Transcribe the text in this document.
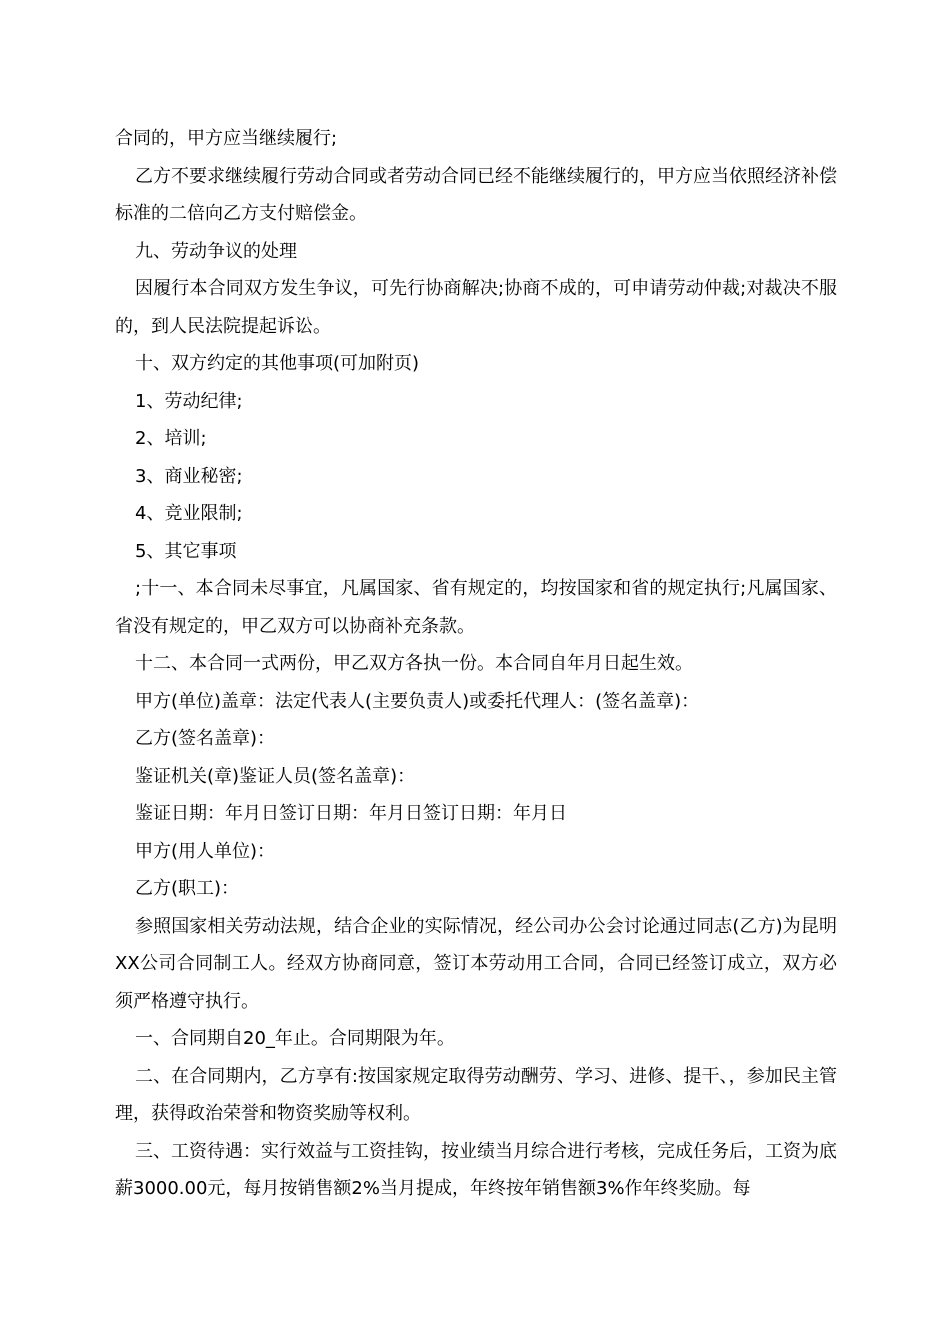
合同的，甲方应当继续履行;

乙方不要求继续履行劳动合同或者劳动合同已经不能继续履行的，甲方应当依照经济补偿标准的二倍向乙方支付赔偿金。

九、劳动争议的处理

因履行本合同双方发生争议，可先行协商解决;协商不成的，可申请劳动仲裁;对裁决不服的，到人民法院提起诉讼。

十、双方约定的其他事项(可加附页)

1、劳动纪律;

2、培训;

3、商业秘密;

4、竞业限制;

5、其它事项

;十一、本合同未尽事宜，凡属国家、省有规定的，均按国家和省的规定执行;凡属国家、省没有规定的，甲乙双方可以协商补充条款。

十二、本合同一式两份，甲乙双方各执一份。本合同自年月日起生效。

甲方(单位)盖章：法定代表人(主要负责人)或委托代理人：(签名盖章)：

乙方(签名盖章)：

鉴证机关(章)鉴证人员(签名盖章)：

鉴证日期：年月日签订日期：年月日签订日期：年月日

甲方(用人单位)：

乙方(职工)：

参照国家相关劳动法规，结合企业的实际情况，经公司办公会讨论通过同志(乙方)为昆明XX公司合同制工人。经双方协商同意，签订本劳动用工合同，合同已经签订成立，双方必须严格遵守执行。

一、合同期自20_年止。合同期限为年。

二、在合同期内，乙方享有:按国家规定取得劳动酬劳、学习、进修、提干、，参加民主管理，获得政治荣誉和物资奖励等权利。

三、工资待遇：实行效益与工资挂钩，按业绩当月综合进行考核，完成任务后，工资为底薪3000.00元，每月按销售额2%当月提成，年终按年销售额3%作年终奖励。每
